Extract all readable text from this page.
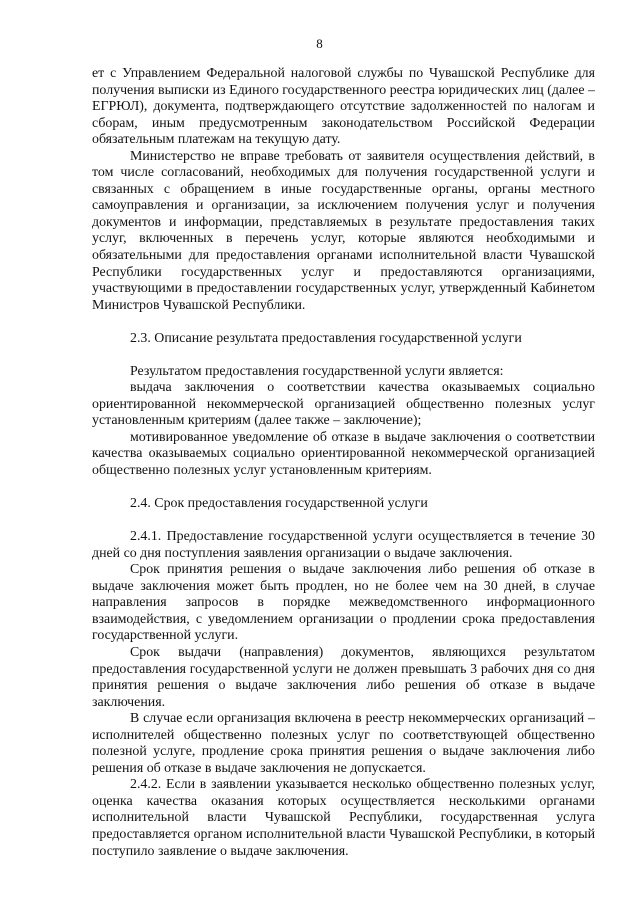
8

ет с Управлением Федеральной налоговой службы по Чувашской Республике для получения выписки из Единого государственного реестра юридических лиц (далее – ЕГРЮЛ), документа, подтверждающего отсутствие задолженностей по налогам и сборам, иным предусмотренным законодательством Российской Федерации обязательным платежам на текущую дату.

Министерство не вправе требовать от заявителя осуществления действий, в том числе согласований, необходимых для получения государственной услуги и связанных с обращением в иные государственные органы, органы местного самоуправления и организации, за исключением получения услуг и получения документов и информации, представляемых в результате предоставления таких услуг, включенных в перечень услуг, которые являются необходимыми и обязательными для предоставления органами исполнительной власти Чувашской Республики государственных услуг и предоставляются организациями, участвующими в предоставлении государственных услуг, утвержденный Кабинетом Министров Чувашской Республики.

2.3. Описание результата предоставления государственной услуги

Результатом предоставления государственной услуги является:

выдача заключения о соответствии качества оказываемых социально ориентированной некоммерческой организацией общественно полезных услуг установленным критериям (далее также – заключение);

мотивированное уведомление об отказе в выдаче заключения о соответствии качества оказываемых социально ориентированной некоммерческой организацией общественно полезных услуг установленным критериям.

2.4. Срок предоставления государственной услуги

2.4.1. Предоставление государственной услуги осуществляется в течение 30 дней со дня поступления заявления организации о выдаче заключения.

Срок принятия решения о выдаче заключения либо решения об отказе в выдаче заключения может быть продлен, но не более чем на 30 дней, в случае направления запросов в порядке межведомственного информационного взаимодействия, с уведомлением организации о продлении срока предоставления государственной услуги.

Срок выдачи (направления) документов, являющихся результатом предоставления государственной услуги не должен превышать 3 рабочих дня со дня принятия решения о выдаче заключения либо решения об отказе в выдаче заключения.

В случае если организация включена в реестр некоммерческих организаций – исполнителей общественно полезных услуг по соответствующей общественно полезной услуге, продление срока принятия решения о выдаче заключения либо решения об отказе в выдаче заключения не допускается.

2.4.2. Если в заявлении указывается несколько общественно полезных услуг, оценка качества оказания которых осуществляется несколькими органами исполнительной власти Чувашской Республики, государственная услуга предоставляется органом исполнительной власти Чувашской Республики, в который поступило заявление о выдаче заключения.
